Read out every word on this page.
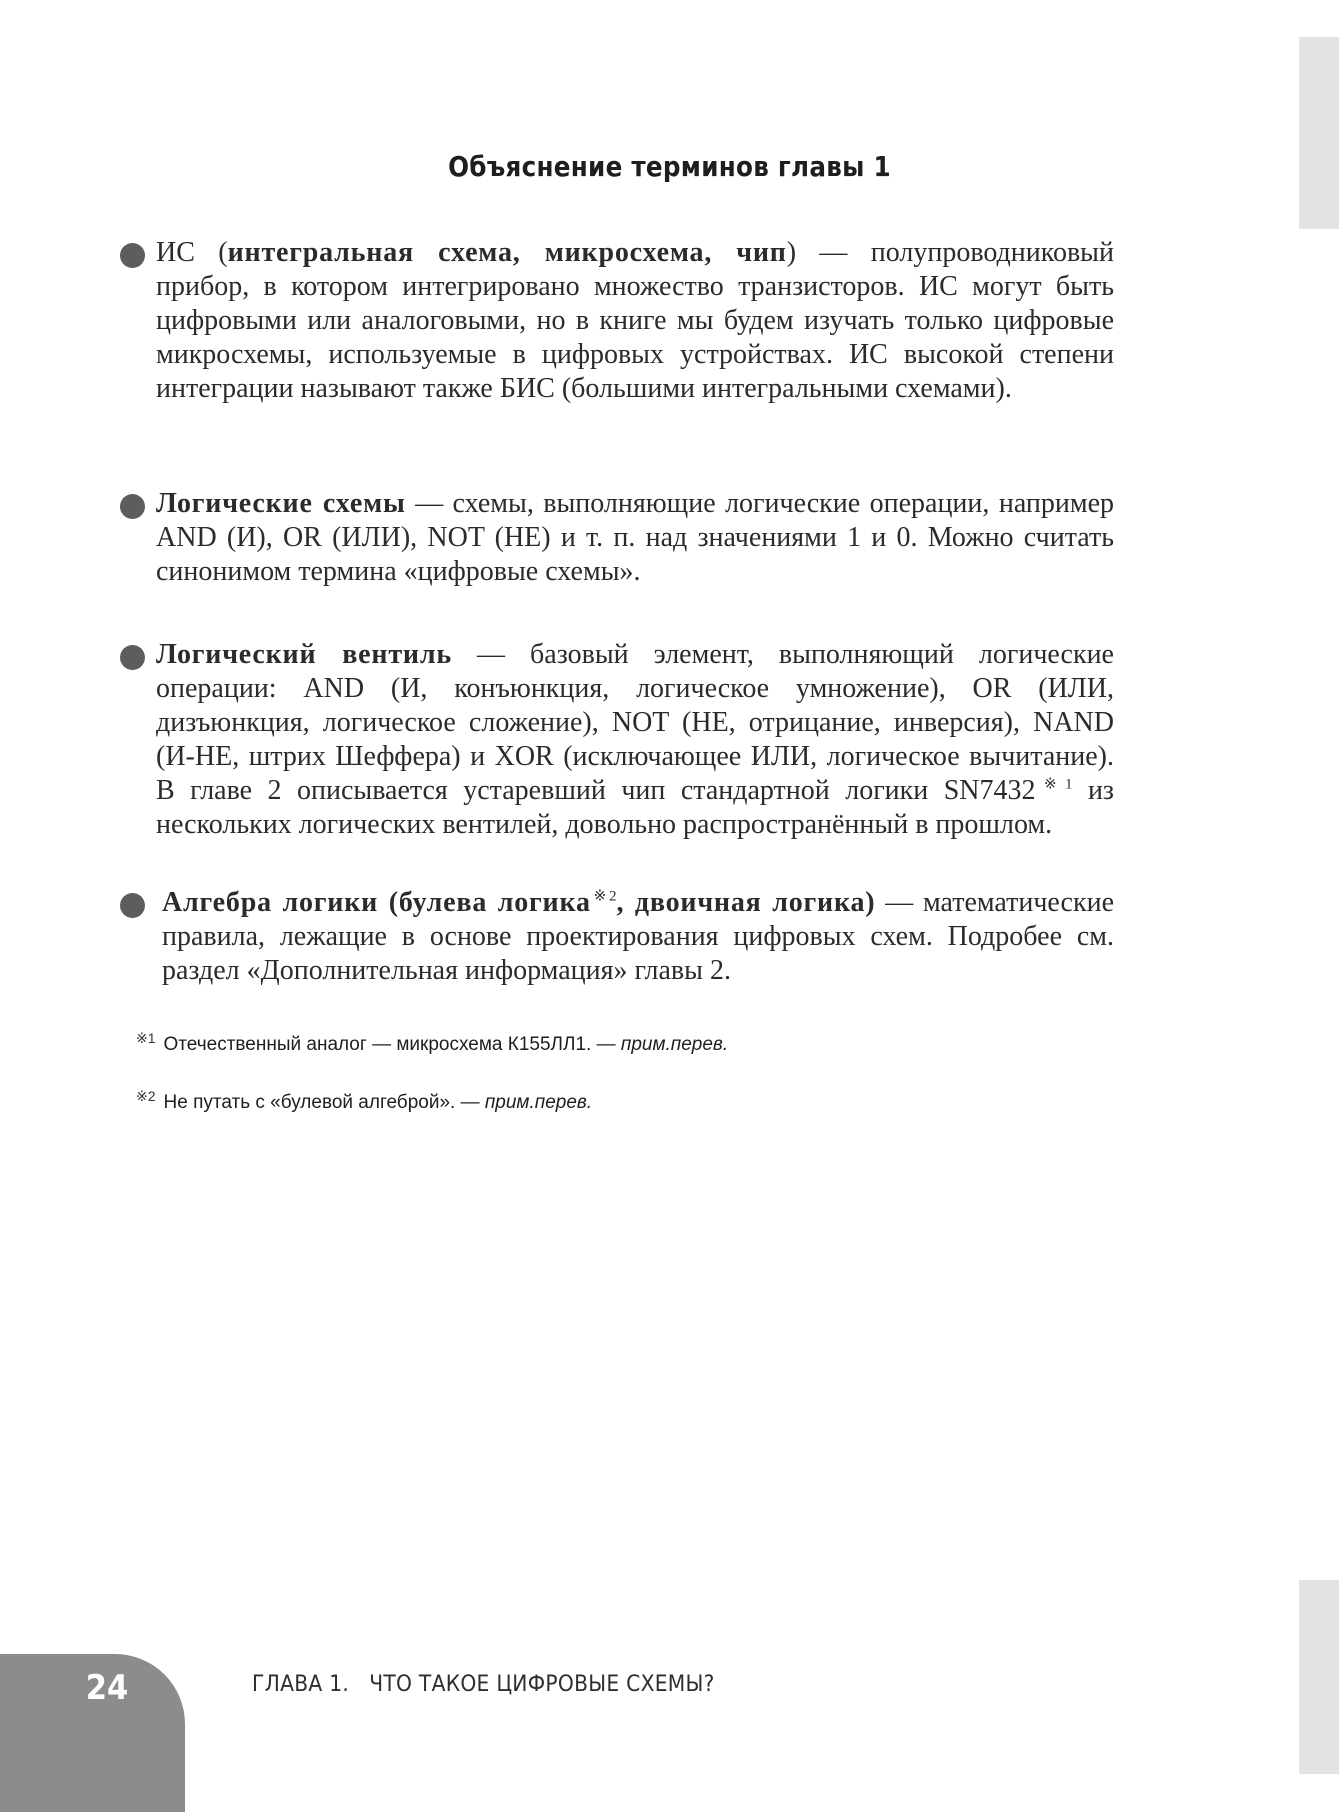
Объяснение терминов главы 1

ИС (интегральная схема, микросхема, чип) — полупроводниковый прибор, в котором интегрировано множество транзисторов. ИС могут быть цифровыми или аналоговыми, но в книге мы будем изучать только цифровые микросхемы, используемые в цифровых устройствах. ИС высокой степени интеграции называют также БИС (большими интегральными схемами).

Логические схемы — схемы, выполняющие логические операции, например AND (И), OR (ИЛИ), NOT (НЕ) и т. п. над значениями 1 и 0. Можно считать синонимом термина «цифровые схемы».

Логический вентиль — базовый элемент, выполняющий логические операции: AND (И, конъюнкция, логическое умножение), OR (ИЛИ, дизъюнкция, логическое сложение), NOT (НЕ, отрицание, инверсия), NAND (И-НЕ, штрих Шеффера) и XOR (исключающее ИЛИ, логическое вычитание). В главе 2 описывается устаревший чип стандартной логики SN7432$^{※1}$ из нескольких логических вентилей, довольно распространённый в прошлом.

Алгебра логики (булева логика$^{※2}$, двоичная логика) — математические правила, лежащие в основе проектирования цифровых схем. Подробее см. раздел «Дополнительная информация» главы 2.

$^{※1}$ Отечественный аналог — микросхема К155ЛЛ1. — прим.перев.
$^{※2}$ Не путать с «булевой алгеброй». — прим.перев.
24	ГЛАВА 1.   ЧТО ТАКОЕ ЦИФРОВЫЕ СХЕМЫ?
